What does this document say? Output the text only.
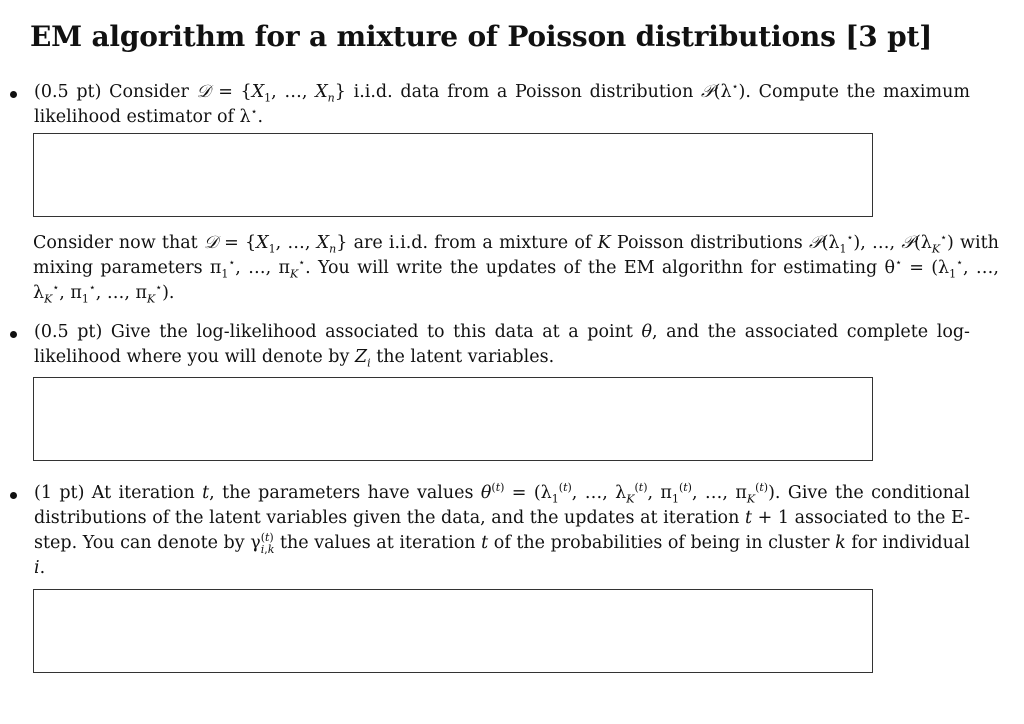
EM algorithm for a mixture of Poisson distributions [3 pt]

(0.5 pt) Consider 𝒟 = {$X_1$, …, $X_n$} i.i.d. data from a Poisson distribution 𝒫(λ⋆). Compute the maximum likelihood estimator of λ⋆.

Consider now that 𝒟 = {$X_1$, …, $X_n$} are i.i.d. from a mixture of K Poisson distributions $𝒫(\lambda_1^⋆)$, …, $𝒫(\lambda_K^⋆)$ with mixing parameters $\pi_1^⋆$, …, $\pi_K^⋆$. You will write the updates of the EM algorithn for estimating $\theta^⋆ = (\lambda_1^⋆$, …, $\lambda_K^⋆$, $\pi_1^⋆$, …, $\pi_K^⋆$).

(0.5 pt) Give the log-likelihood associated to this data at a point θ, and the associated complete log-likelihood where you will denote by $Z_i$ the latent variables.

(1 pt) At iteration t, the parameters have values $\theta^{(t)} = (\lambda_1^{(t)}$, …, $\lambda_K^{(t)}$, $\pi_1^{(t)}$, …, $\pi_K^{(t)}$). Give the conditional distributions of the latent variables given the data, and the updates at iteration t + 1 associated to the E-step. You can denote by γ (t)
i,k the values at iteration t of the probabilities of being in cluster k for individual i.
